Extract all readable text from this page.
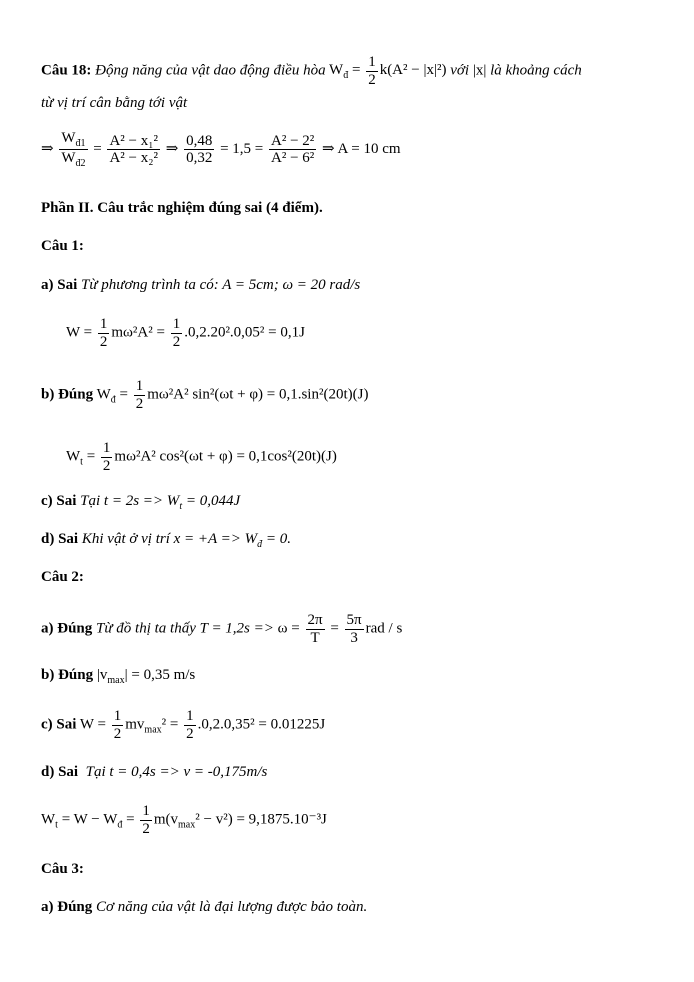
Câu 18: Động năng của vật dao động điều hòa $W_đ = \frac{1}{2} k(A^2 - |x|^2)$ với |x| là khoảng cách
từ vị trí cân bằng tới vật
⇒ $\frac{W_{đ1}}{W_{đ2}} = \frac{\text{A² − x₁²}}{\text{A² − x₂²}}$ ⇒ $\frac{0,48}{0,32} = 1,5 = \frac{\text{A² − 2²}}{\text{A² − 6²}}$ ⇒ A = 10 cm
Phần II. Câu trắc nghiệm đúng sai (4 điểm).
Câu 1:
a) Sai Từ phương trình ta có: A = 5cm; ω = 20 rad/s
$W = \frac{1}{2} m\omega^2A^2 = \frac{1}{2} .0,2.20^2.0,05^2 = 0,1J$
b) Đúng $W_đ = \frac{1}{2} m\omega^2A^2$ sin²(ωt + φ) = 0,1.sin²(20t)(J)
$W_t = \frac{1}{2} m\omega^2A^2$ cos²(ωt + φ) = 0,1cos²(20t)(J)
c) Sai Tại $t = 2s => W_t = 0,044J$
d) Sai Khi vật ở vị trí $x = +A => W_đ = 0$.
Câu 2:
a) Đúng Từ đồ thị ta thấy $T = 1,2s => \omega = \frac{2\pi}{T} = \frac{5\pi}{3}$ rad / s
b) Đúng $|v_{max}| = 0,35$ m/s
c) Sai $W = \frac{1}{2} mv_{max}^2 = \frac{1}{2} .0,2.0,35^2 = 0.01225J$
d) Sai Tại t = 0,4s => v = -0,175m/s
$W_t = W - W_đ = \frac{1}{2} m(v_{max}^2 - v^2) = 9,1875.10^{-3}J$
Câu 3:
a) Đúng Cơ năng của vật là đại lượng được bảo toàn.
